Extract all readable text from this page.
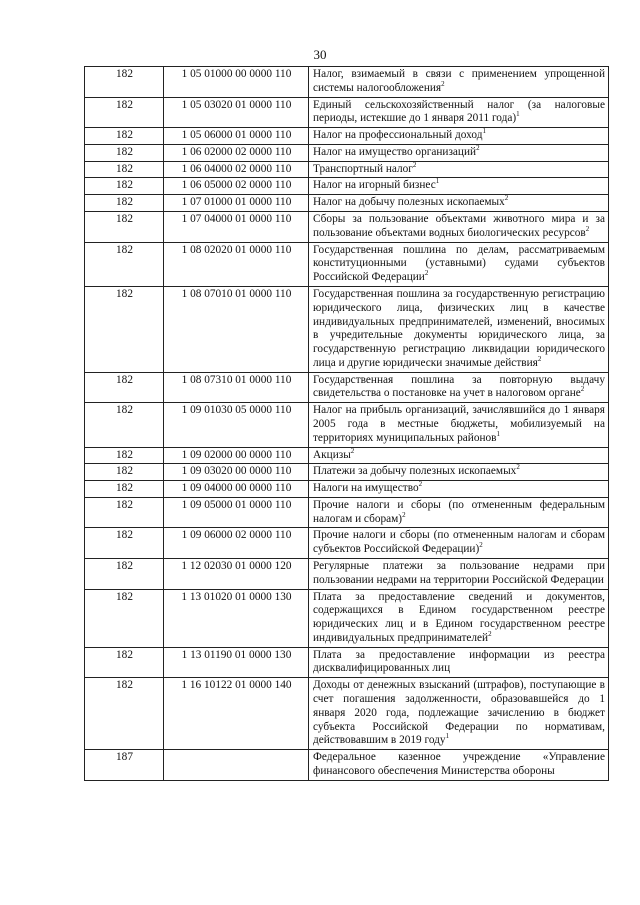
30
182	1 05 01000 00 0000 110	Налог, взимаемый в связи с применением упрощенной системы налогообложения$^2$
182	1 05 03020 01 0000 110	Единый сельскохозяйственный налог (за налоговые периоды, истекшие до 1 января 2011 года)$^1$
182	1 05 06000 01 0000 110	Налог на профессиональный доход$^1$
182	1 06 02000 02 0000 110	Налог на имущество организаций$^2$
182	1 06 04000 02 0000 110	Транспортный налог$^2$
182	1 06 05000 02 0000 110	Налог на игорный бизнес$^1$
182	1 07 01000 01 0000 110	Налог на добычу полезных ископаемых$^2$
182	1 07 04000 01 0000 110	Сборы за пользование объектами животного мира и за пользование объектами водных биологических ресурсов$^2$
182	1 08 02020 01 0000 110	Государственная пошлина по делам, рассматриваемым конституционными (уставными) судами субъектов Российской Федерации$^2$
182	1 08 07010 01 0000 110	Государственная пошлина за государственную регистрацию юридического лица, физических лиц в качестве индивидуальных предпринимателей, изменений, вносимых в учредительные документы юридического лица, за государственную регистрацию ликвидации юридического лица и другие юридически значимые действия$^2$
182	1 08 07310 01 0000 110	Государственная пошлина за повторную выдачу свидетельства о постановке на учет в налоговом органе$^2$
182	1 09 01030 05 0000 110	Налог на прибыль организаций, зачислявшийся до 1 января 2005 года в местные бюджеты, мобилизуемый на территориях муниципальных районов$^1$
182	1 09 02000 00 0000 110	Акцизы$^2$
182	1 09 03020 00 0000 110	Платежи за добычу полезных ископаемых$^2$
182	1 09 04000 00 0000 110	Налоги на имущество$^2$
182	1 09 05000 01 0000 110	Прочие налоги и сборы (по отмененным федеральным налогам и сборам)$^2$
182	1 09 06000 02 0000 110	Прочие налоги и сборы (по отмененным налогам и сборам субъектов Российской Федерации)$^2$
182	1 12 02030 01 0000 120	Регулярные платежи за пользование недрами при пользовании недрами на территории Российской Федерации
182	1 13 01020 01 0000 130	Плата за предоставление сведений и документов, содержащихся в Едином государственном реестре юридических лиц и в Едином государственном реестре индивидуальных предпринимателей$^2$
182	1 13 01190 01 0000 130	Плата за предоставление информации из реестра дисквалифицированных лиц
182	1 16 10122 01 0000 140	Доходы от денежных взысканий (штрафов), поступающие в счет погашения задолженности, образовавшейся до 1 января 2020 года, подлежащие зачислению в бюджет субъекта Российской Федерации по нормативам, действовавшим в 2019 году$^1$
187		Федеральное казенное учреждение «Управление финансового обеспечения Министерства обороны
